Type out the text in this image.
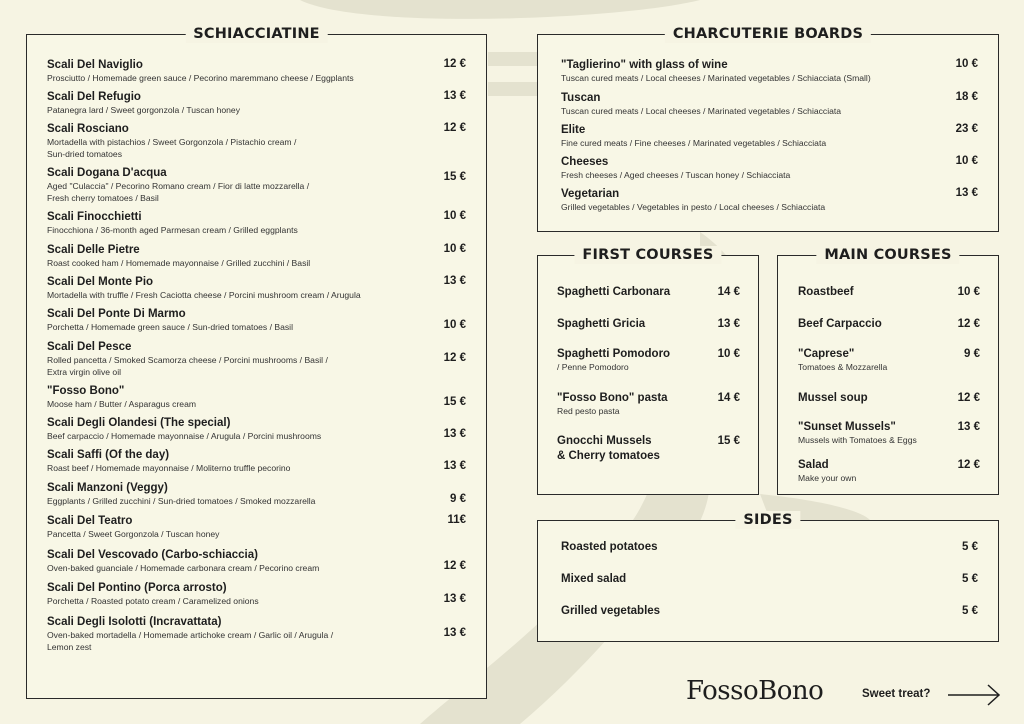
SCHIACCIATINE
Scali Del Naviglio
Prosciutto / Homemade green sauce / Pecorino maremmano cheese / Eggplants
12 €
Scali Del Refugio
Patanegra lard / Sweet gorgonzola / Tuscan honey
13 €
Scali Rosciano
Mortadella with pistachios / Sweet Gorgonzola / Pistachio cream /
Sun-dried tomatoes
12 €
Scali Dogana D'acqua
Aged "Culaccia" / Pecorino Romano cream / Fior di latte mozzarella /
Fresh cherry tomatoes / Basil
15 €
Scali Finocchietti
Finocchiona / 36-month aged Parmesan cream / Grilled eggplants
10 €
Scali Delle Pietre
Roast cooked ham / Homemade mayonnaise / Grilled zucchini / Basil
10 €
Scali Del Monte Pio
Mortadella with truffle / Fresh Caciotta cheese / Porcini mushroom cream / Arugula
13 €
Scali Del Ponte Di Marmo
Porchetta / Homemade green sauce / Sun-dried tomatoes / Basil	10 €
Scali Del Pesce
Rolled pancetta / Smoked Scamorza cheese / Porcini mushrooms / Basil /
Extra virgin olive oil
12 €
"Fosso Bono"
Moose ham / Butter / Asparagus cream	15 €
Scali Degli Olandesi (The special)
Beef carpaccio / Homemade mayonnaise / Arugula / Porcini mushrooms	13 €
Scali Saffi (Of the day)
Roast beef / Homemade mayonnaise / Moliterno truffle pecorino	13 €
Scali Manzoni (Veggy)
Eggplants / Grilled zucchini / Sun-dried tomatoes / Smoked mozzarella	9 €
Scali Del Teatro
Pancetta / Sweet Gorgonzola / Tuscan honey
11€
Scali Del Vescovado (Carbo-schiaccia)
Oven-baked guanciale / Homemade carbonara cream / Pecorino cream	12 €
Scali Del Pontino (Porca arrosto)
Porchetta / Roasted potato cream / Caramelized onions	13 €
Scali Degli Isolotti (Incravattata)
Oven-baked mortadella / Homemade artichoke cream / Garlic oil / Arugula /
Lemon zest
13 €
CHARCUTERIE BOARDS
"Taglierino" with glass of wine
Tuscan cured meats / Local cheeses / Marinated vegetables / Schiacciata (Small)
10 €
Tuscan
Tuscan cured meats / Local cheeses / Marinated vegetables / Schiacciata
18 €
Elite
Fine cured meats / Fine cheeses / Marinated vegetables / Schiacciata
23 €
Cheeses
Fresh cheeses / Aged cheeses / Tuscan honey / Schiacciata
10 €
Vegetarian
Grilled vegetables / Vegetables in pesto / Local cheeses / Schiacciata
13 €
FIRST COURSES
Spaghetti Carbonara	14 €
Spaghetti Gricia	13 €
Spaghetti Pomodoro
/ Penne Pomodoro
10 €
"Fosso Bono" pasta
Red pesto pasta
14 €
Gnocchi Mussels
& Cherry tomatoes
15 €
MAIN COURSES
Roastbeef	10 €
Beef Carpaccio	12 €
"Caprese"
Tomatoes & Mozzarella
9 €
Mussel soup	12 €
"Sunset Mussels"
Mussels with Tomatoes & Eggs
13 €
Salad
Make your own
12 €
SIDES
Roasted potatoes	5 €
Mixed salad	5 €
Grilled vegetables	5 €
FossoBono	Sweet treat?
